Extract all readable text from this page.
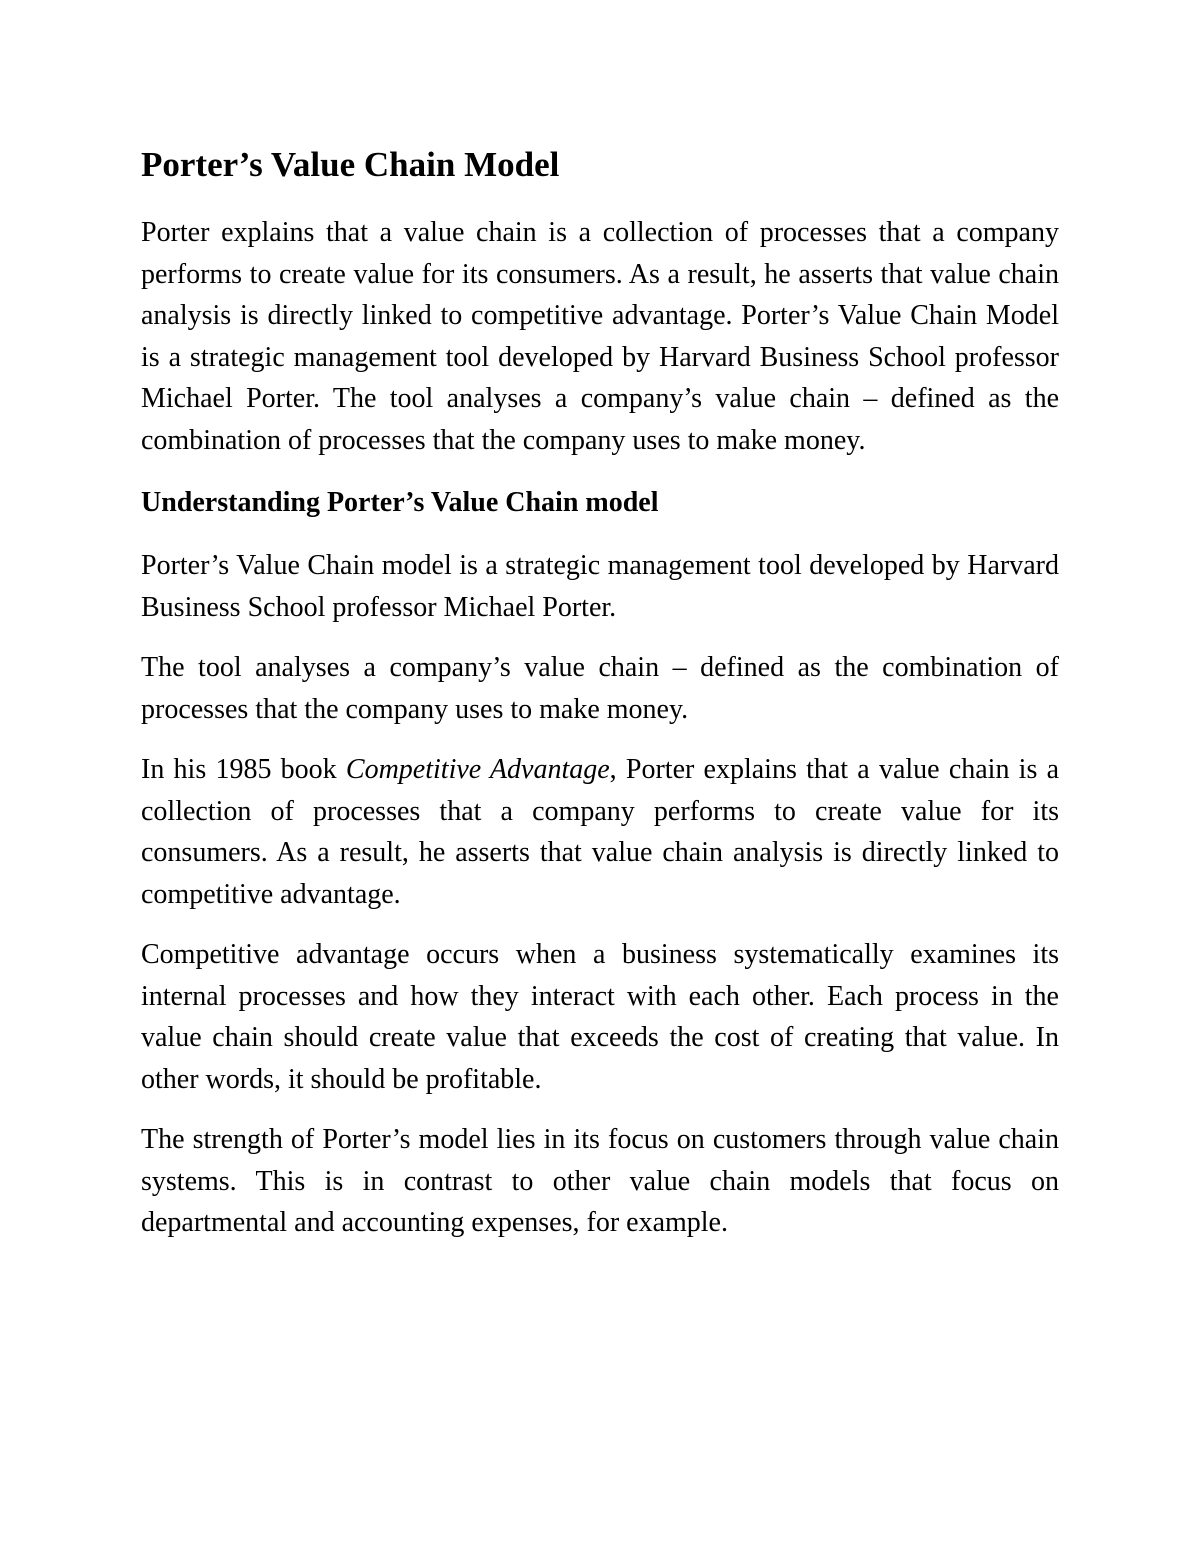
Porter’s Value Chain Model

Porter explains that a value chain is a collection of processes that a company performs to create value for its consumers. As a result, he asserts that value chain analysis is directly linked to competitive advantage. Porter’s Value Chain Model is a strategic management tool developed by Harvard Business School professor Michael Porter. The tool analyses a company’s value chain – defined as the combination of processes that the company uses to make money.

Understanding Porter’s Value Chain model

Porter’s Value Chain model is a strategic management tool developed by Harvard Business School professor Michael Porter.

The tool analyses a company’s value chain – defined as the combination of processes that the company uses to make money.

In his 1985 book Competitive Advantage, Porter explains that a value chain is a collection of processes that a company performs to create value for its consumers. As a result, he asserts that value chain analysis is directly linked to competitive advantage.

Competitive advantage occurs when a business systematically examines its internal processes and how they interact with each other. Each process in the value chain should create value that exceeds the cost of creating that value. In other words, it should be profitable.

The strength of Porter’s model lies in its focus on customers through value chain systems. This is in contrast to other value chain models that focus on departmental and accounting expenses, for example.
